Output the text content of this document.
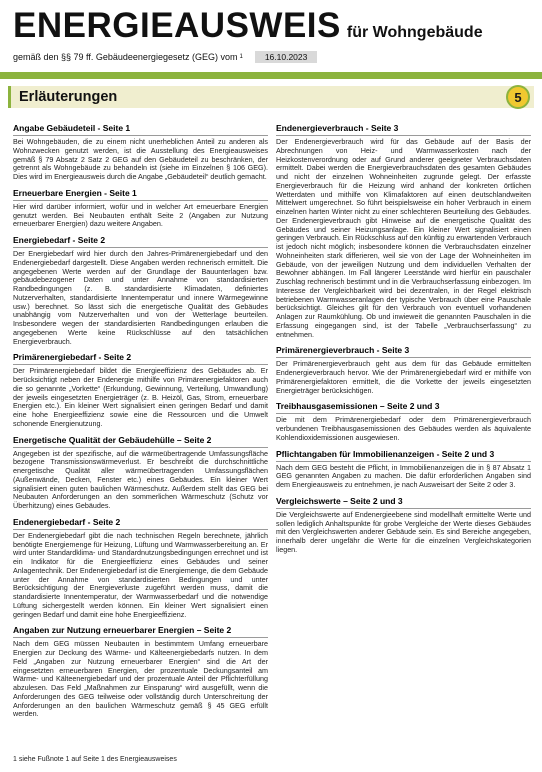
ENERGIEAUSWEIS für Wohngebäude
gemäß den §§ 79 ff. Gebäudeenergiegesetz (GEG) vom 1	16.10.2023
Erläuterungen	5
Angabe Gebäudeteil - Seite 1

Bei Wohngebäuden, die zu einem nicht unerheblichen Anteil zu anderen als Wohnzwecken genutzt werden, ist die Ausstellung des Energieausweises gemäß § 79 Absatz 2 Satz 2 GEG auf den Gebäudeteil zu beschränken, der getrennt als Wohngebäude zu behandeln ist (siehe im Einzelnen § 106 GEG). Dies wird im Energieausweis durch die Angabe „Gebäudeteil“ deutlich gemacht.

Erneuerbare Energien - Seite 1

Hier wird darüber informiert, wofür und in welcher Art erneuerbare Energien genutzt werden. Bei Neubauten enthält Seite 2 (Angaben zur Nutzung erneuerbarer Energien) dazu weitere Angaben.

Energiebedarf - Seite 2

Der Energiebedarf wird hier durch den Jahres-Primärenergiebedarf und den Endenergiebedarf dargestellt. Diese Angaben werden rechnerisch ermittelt. Die angegebenen Werte werden auf der Grundlage der Bauunterlagen bzw. gebäudebezogener Daten und unter Annahme von standardisierten Randbedingungen (z. B. standardisierte Klimadaten, definiertes Nutzerverhalten, standardisierte Innentemperatur und innere Wärmegewinne usw.) berechnet. So lässt sich die energetische Qualität des Gebäudes unabhängig vom Nutzerverhalten und von der Wetterlage beurteilen. Insbesondere wegen der standardisierten Randbedingungen erlauben die angegebenen Werte keine Rückschlüsse auf den tatsächlichen Energieverbrauch.

Primärenergiebedarf - Seite 2

Der Primärenergiebedarf bildet die Energieeffizienz des Gebäudes ab. Er berücksichtigt neben der Endenergie mithilfe von Primärenergiefaktoren auch die so genannte „Vorkette“ (Erkundung, Gewinnung, Verteilung, Umwandlung) der jeweils eingesetzten Energieträger (z. B. Heizöl, Gas, Strom, erneuerbare Energien etc.). Ein kleiner Wert signalisiert einen geringen Bedarf und damit eine hohe Energieeffizienz sowie eine die Ressourcen und die Umwelt schonende Energienutzung.

Energetische Qualität der Gebäudehülle – Seite 2

Angegeben ist der spezifische, auf die wärmeübertragende Umfassungsfläche bezogene Transmissionswärmeverlust. Er beschreibt die durchschnittliche energetische Qualität aller wärmeübertragenden Umfassungsflächen (Außenwände, Decken, Fenster etc.) eines Gebäudes. Ein kleiner Wert signalisiert einen guten baulichen Wärmeschutz. Außerdem stellt das GEG bei Neubauten Anforderungen an den sommerlichen Wärmeschutz (Schutz vor Überhitzung) eines Gebäudes.

Endenergiebedarf - Seite 2

Der Endenergiebedarf gibt die nach technischen Regeln berechnete, jährlich benötigte Energiemenge für Heizung, Lüftung und Warmwasserbereitung an. Er wird unter Standardklima- und Standardnutzungsbedingungen errechnet und ist ein Indikator für die Energieeffizienz eines Gebäudes und seiner Anlagentechnik. Der Endenergiebedarf ist die Energiemenge, die dem Gebäude unter der Annahme von standardisierten Bedingungen und unter Berücksichtigung der Energieverluste zugeführt werden muss, damit die standardisierte Innentemperatur, der Warmwasserbedarf und die notwendige Lüftung sichergestellt werden können. Ein kleiner Wert signalisiert einen geringen Bedarf und damit eine hohe Energieeffizienz.

Angaben zur Nutzung erneuerbarer Energien – Seite 2

Nach dem GEG müssen Neubauten in bestimmtem Umfang erneuerbare Energien zur Deckung des Wärme- und Kälteenergiebedarfs nutzen. In dem Feld „Angaben zur Nutzung erneuerbarer Energien“ sind die Art der eingesetzten erneuerbaren Energien, der prozentuale Deckungsanteil am Wärme- und Kälteenergiebedarf und der prozentuale Anteil der Pflichterfüllung abzulesen. Das Feld „Maßnahmen zur Einsparung“ wird ausgefüllt, wenn die Anforderungen des GEG teilweise oder vollständig durch Unterschreitung der Anforderungen an den baulichen Wärmeschutz gemäß § 45 GEG erfüllt werden.

Endenergieverbrauch - Seite 3

Der Endenergieverbrauch wird für das Gebäude auf der Basis der Abrechnungen von Heiz- und Warmwasserkosten nach der Heizkostenverordnung oder auf Grund anderer geeigneter Verbrauchsdaten ermittelt. Dabei werden die Energieverbrauchsdaten des gesamten Gebäudes und nicht der einzelnen Wohneinheiten zugrunde gelegt. Der erfasste Energieverbrauch für die Heizung wird anhand der konkreten örtlichen Wetterdaten und mithilfe von Klimafaktoren auf einen deutschlandweiten Mittelwert umgerechnet. So führt beispielsweise ein hoher Verbrauch in einem einzelnen harten Winter nicht zu einer schlechteren Beurteilung des Gebäudes. Der Endenergieverbrauch gibt Hinweise auf die energetische Qualität des Gebäudes und seiner Heizungsanlage. Ein kleiner Wert signalisiert einen geringen Verbrauch. Ein Rückschluss auf den künftig zu erwartenden Verbrauch ist jedoch nicht möglich; insbesondere können die Verbrauchsdaten einzelner Wohneinheiten stark differieren, weil sie von der Lage der Wohneinheiten im Gebäude, von der jeweiligen Nutzung und dem individuellen Verhalten der Bewohner abhängen. Im Fall längerer Leerstände wird hierfür ein pauschaler Zuschlag rechnerisch bestimmt und in die Verbrauchserfassung einbezogen. Im Interesse der Vergleichbarkeit wird bei dezentralen, in der Regel elektrisch betriebenen Warmwasseranlagen der typische Verbrauch über eine Pauschale berücksichtigt. Gleiches gilt für den Verbrauch von eventuell vorhandenen Anlagen zur Raumkühlung. Ob und inwieweit die genannten Pauschalen in die Erfassung eingegangen sind, ist der Tabelle „Verbrauchserfassung“ zu entnehmen.

Primärenergieverbrauch - Seite 3

Der Primärenergieverbrauch geht aus dem für das Gebäude ermittelten Endenergieverbrauch hervor. Wie der Primärenergiebedarf wird er mithilfe von Primärenergiefaktoren ermittelt, die die Vorkette der jeweils eingesetzten Energieträger berücksichtigen.

Treibhausgasemissionen – Seite 2 und 3

Die mit dem Primärenergiebedarf oder dem Primärenergieverbrauch verbundenen Treibhausgasemissionen des Gebäudes werden als äquivalente Kohlendioxidemissionen ausgewiesen.

Pflichtangaben für Immobilienanzeigen - Seite 2 und 3

Nach dem GEG besteht die Pflicht, in Immobilienanzeigen die in § 87 Absatz 1 GEG genannten Angaben zu machen. Die dafür erforderlichen Angaben sind dem Energieausweis zu entnehmen, je nach Ausweisart der Seite 2 oder 3.

Vergleichswerte – Seite 2 und 3

Die Vergleichswerte auf Endenergieebene sind modellhaft ermittelte Werte und sollen lediglich Anhaltspunkte für grobe Vergleiche der Werte dieses Gebäudes mit den Vergleichswerten anderer Gebäude sein. Es sind Bereiche angegeben, innerhalb derer ungefähr die Werte für die einzelnen Vergleichskategorien liegen.

1 siehe Fußnote 1 auf Seite 1 des Energieausweises
